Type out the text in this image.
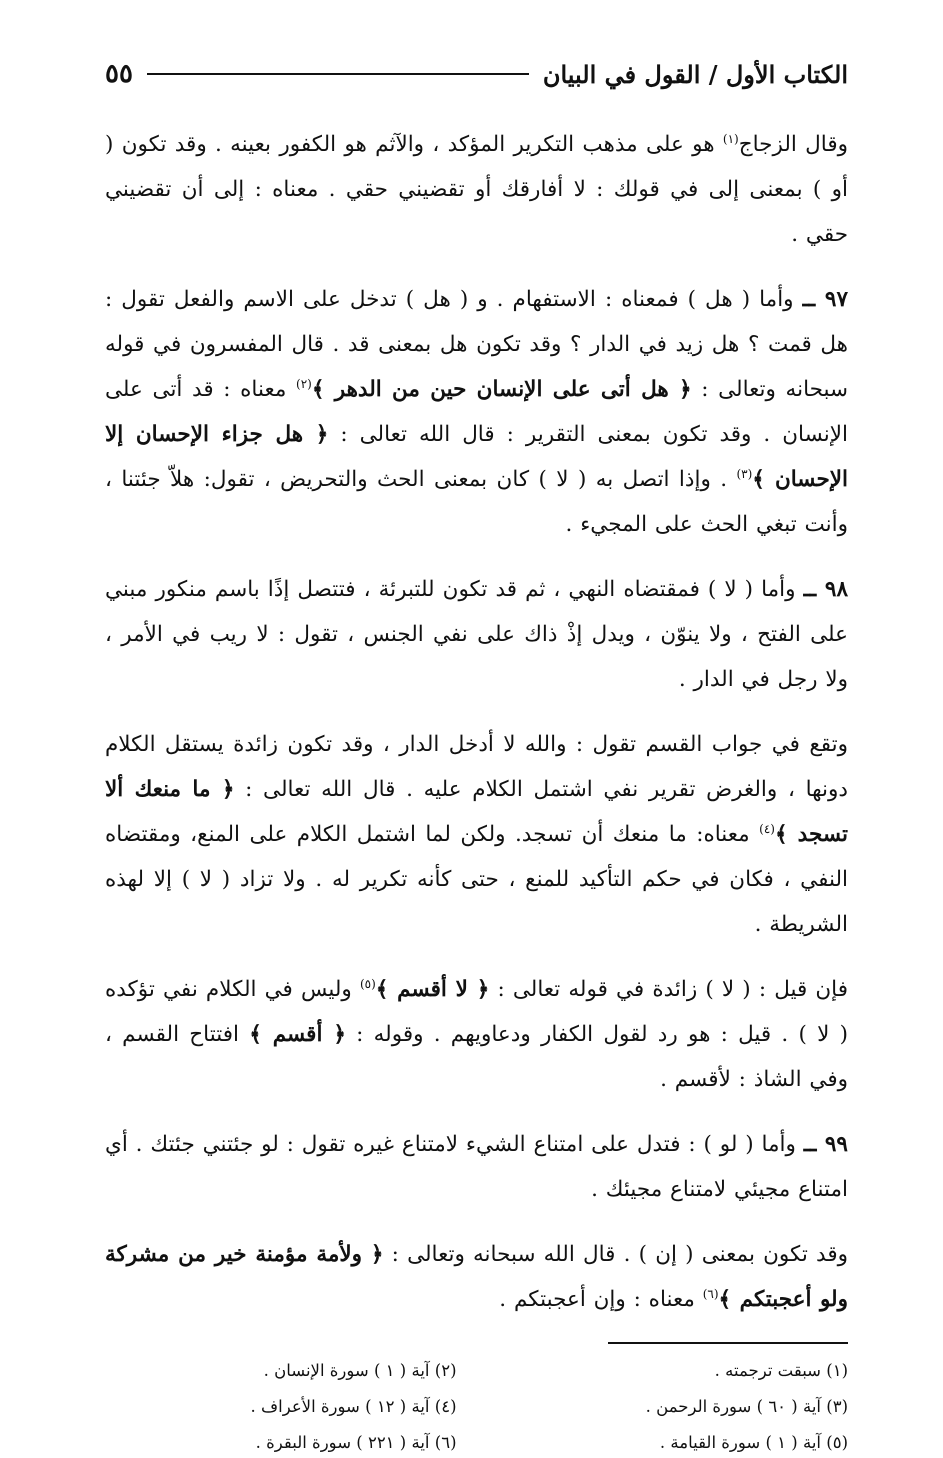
الكتاب الأول / القول في البيان
٥٥

وقال الزجاج$^{(١)}$ هو على مذهب التكرير المؤكد ، والآثم هو الكفور بعينه . وقد تكون ( أو ) بمعنى إلى في قولك : لا أفارقك أو تقضيني حقي . معناه : إلى أن تقضيني حقي .

٩٧ ــ وأما ( هل ) فمعناه : الاستفهام . و ( هل ) تدخل على الاسم والفعل تقول : هل قمت ؟ هل زيد في الدار ؟ وقد تكون هل بمعنى قد . قال المفسرون في قوله سبحانه وتعالى : ﴿ هل أتى على الإنسان حين من الدهر ﴾$^{(٢)}$ معناه : قد أتى على الإنسان . وقد تكون بمعنى التقرير : قال الله تعالى : ﴿ هل جزاء الإحسان إلا الإحسان ﴾$^{(٣)}$ . وإذا اتصل به ( لا ) كان بمعنى الحث والتحريض ، تقول: هلاّ جئتنا ، وأنت تبغي الحث على المجيء .

٩٨ ــ وأما ( لا ) فمقتضاه النهي ، ثم قد تكون للتبرئة ، فتتصل إذًا باسم منكور مبني على الفتح ، ولا ينوّن ، ويدل إذْ ذاك على نفي الجنس ، تقول : لا ريب في الأمر ، ولا رجل في الدار .

وتقع في جواب القسم تقول : والله لا أدخل الدار ، وقد تكون زائدة يستقل الكلام دونها ، والغرض تقرير نفي اشتمل الكلام عليه . قال الله تعالى : ﴿ ما منعك ألا تسجد ﴾$^{(٤)}$ معناه: ما منعك أن تسجد. ولكن لما اشتمل الكلام على المنع، ومقتضاه النفي ، فكان في حكم التأكيد للمنع ، حتى كأنه تكرير له . ولا تزاد ( لا ) إلا لهذه الشريطة .

فإن قيل : ( لا ) زائدة في قوله تعالى : ﴿ لا أقسم ﴾$^{(٥)}$ وليس في الكلام نفي تؤكده ( لا ) . قيل : هو رد لقول الكفار ودعاويهم . وقوله : ﴿ أقسم ﴾ افتتاح القسم ، وفي الشاذ : لأقسم .

٩٩ ــ وأما ( لو ) : فتدل على امتناع الشيء لامتناع غيره تقول : لو جئتني جئتك . أي امتناع مجيئي لامتناع مجيئك .

وقد تكون بمعنى ( إن ) . قال الله سبحانه وتعالى : ﴿ ولأمة مؤمنة خير من مشركة ولو أعجبتكم ﴾$^{(٦)}$ معناه : وإن أعجبتكم .

(١) سبقت ترجمته .
(٢) آية ( ١ ) سورة الإنسان .
(٣) آية ( ٦٠ ) سورة الرحمن .
(٤) آية ( ١٢ ) سورة الأعراف .
(٥) آية ( ١ ) سورة القيامة .
(٦) آية ( ٢٢١ ) سورة البقرة .
